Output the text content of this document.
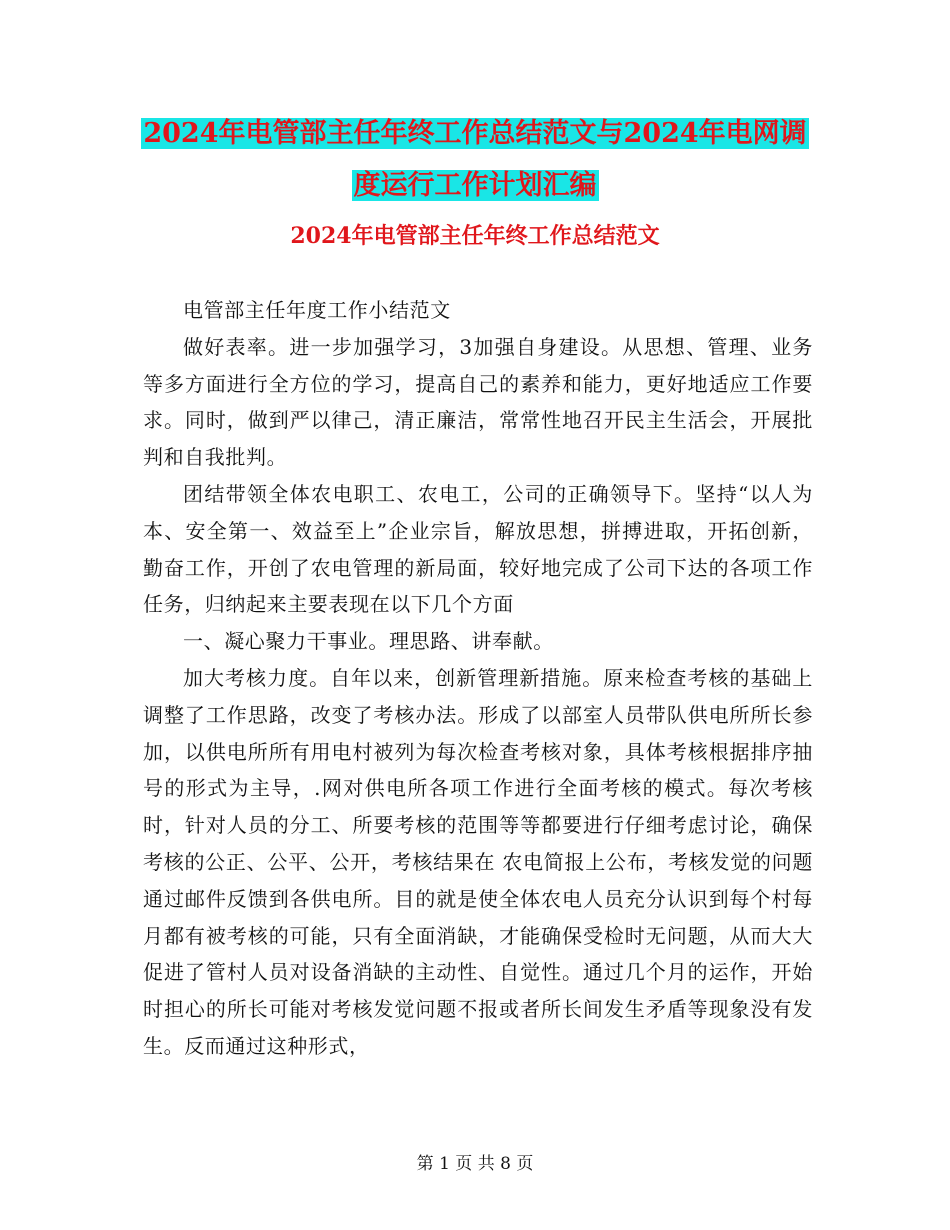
2024年电管部主任年终工作总结范文与2024年电网调
度运行工作计划汇编
2024年电管部主任年终工作总结范文

电管部主任年度工作小结范文

做好表率。进一步加强学习，3加强自身建设。从思想、管理、业务等多方面进行全方位的学习，提高自己的素养和能力，更好地适应工作要求。同时，做到严以律己，清正廉洁，常常性地召开民主生活会，开展批判和自我批判。

团结带领全体农电职工、农电工，公司的正确领导下。坚持“以人为本、安全第一、效益至上”企业宗旨，解放思想，拼搏进取，开拓创新，勤奋工作，开创了农电管理的新局面，较好地完成了公司下达的各项工作任务，归纳起来主要表现在以下几个方面

一、凝心聚力干事业。理思路、讲奉献。

加大考核力度。自年以来，创新管理新措施。原来检查考核的基础上调整了工作思路，改变了考核办法。形成了以部室人员带队供电所所长参加，以供电所所有用电村被列为每次检查考核对象，具体考核根据排序抽号的形式为主导，.网对供电所各项工作进行全面考核的模式。每次考核时，针对人员的分工、所要考核的范围等等都要进行仔细考虑讨论，确保考核的公正、公平、公开，考核结果在 农电简报上公布，考核发觉的问题通过邮件反馈到各供电所。目的就是使全体农电人员充分认识到每个村每月都有被考核的可能，只有全面消缺，才能确保受检时无问题，从而大大促进了管村人员对设备消缺的主动性、自觉性。通过几个月的运作，开始时担心的所长可能对考核发觉问题不报或者所长间发生矛盾等现象没有发生。反而通过这种形式，

第 1 页 共 8 页
